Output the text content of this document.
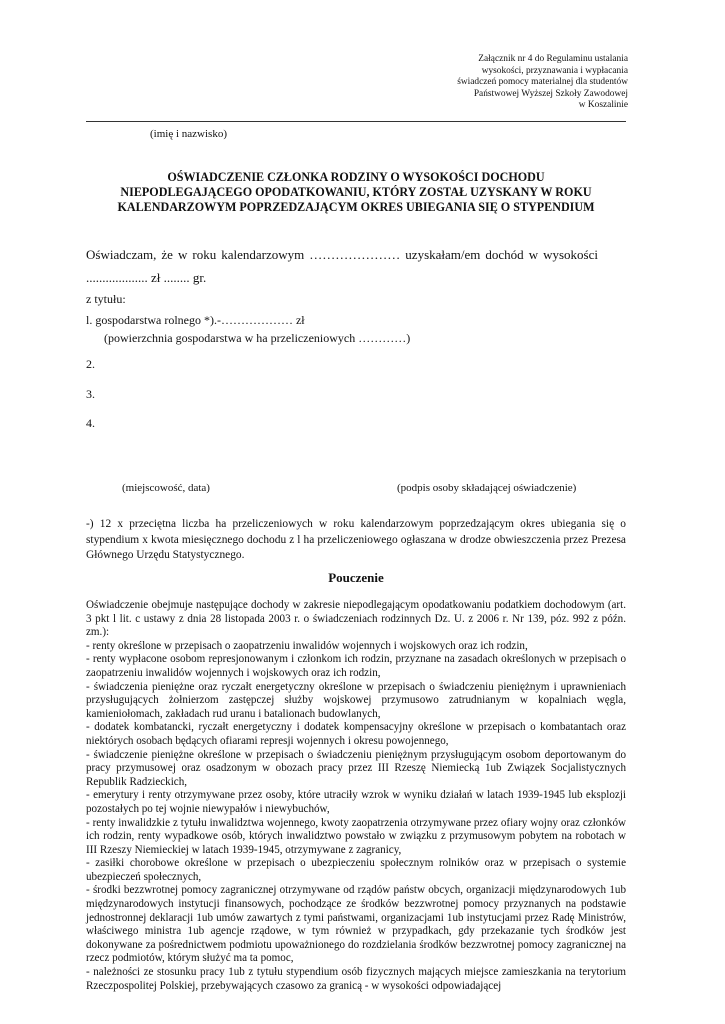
Załącznik nr 4 do Regulaminu ustalania
wysokości, przyznawania i wypłacania
świadczeń pomocy materialnej dla studentów
Państwowej Wyższej Szkoły Zawodowej
w Koszalinie
(imię i nazwisko)
OŚWIADCZENIE CZŁONKA RODZINY O WYSOKOŚCI DOCHODU
NIEPODLEGAJĄCEGO OPODATKOWANIU, KTÓRY ZOSTAŁ UZYSKANY W ROKU
KALENDARZOWYM POPRZEDZAJĄCYM OKRES UBIEGANIA SIĘ O STYPENDIUM
Oświadczam, że w roku kalendarzowym ………………… uzyskałam/em dochód w wysokości
................... zł ........ gr.
z tytułu:
l. gospodarstwa rolnego *).-……………… zł
(powierzchnia gospodarstwa w ha przeliczeniowych …………)
2.
3.
4.
(miejscowość, data)	(podpis osoby składającej oświadczenie)
-) 12 x przeciętna liczba ha przeliczeniowych w roku kalendarzowym poprzedzającym okres ubiegania się o stypendium x kwota miesięcznego dochodu z l ha przeliczeniowego ogłaszana w drodze obwieszczenia przez Prezesa Głównego Urzędu Statystycznego.
Pouczenie

Oświadczenie obejmuje następujące dochody w zakresie niepodlegającym opodatkowaniu podatkiem dochodowym (art. 3 pkt l lit. c ustawy z dnia 28 listopada 2003 r. o świadczeniach rodzinnych Dz. U. z 2006 r. Nr 139, póz. 992 z późn. zm.):

- renty określone w przepisach o zaopatrzeniu inwalidów wojennych i wojskowych oraz ich rodzin,

- renty wypłacone osobom represjonowanym i członkom ich rodzin, przyznane na zasadach określonych w przepisach o zaopatrzeniu inwalidów wojennych i wojskowych oraz ich rodzin,

- świadczenia pieniężne oraz ryczałt energetyczny określone w przepisach o świadczeniu pieniężnym i uprawnieniach przysługujących żołnierzom zastępczej służby wojskowej przymusowo zatrudnianym w kopalniach węgla, kamieniołomach, zakładach rud uranu i batalionach budowlanych,

- dodatek kombatancki, ryczałt energetyczny i dodatek kompensacyjny określone w przepisach o kombatantach oraz niektórych osobach będących ofiarami represji wojennych i okresu powojennego,

- świadczenie pieniężne określone w przepisach o świadczeniu pieniężnym przysługującym osobom deportowanym do pracy przymusowej oraz osadzonym w obozach pracy przez III Rzeszę Niemiecką 1ub Związek Socjalistycznych Republik Radzieckich,

- emerytury i renty otrzymywane przez osoby, które utraciły wzrok w wyniku działań w latach 1939-1945 lub eksplozji pozostałych po tej wojnie niewypałów i niewybuchów,

- renty inwalidzkie z tytułu inwalidztwa wojennego, kwoty zaopatrzenia otrzymywane przez ofiary wojny oraz członków ich rodzin, renty wypadkowe osób, których inwalidztwo powstało w związku z przymusowym pobytem na robotach w III Rzeszy Niemieckiej w latach 1939-1945, otrzymywane z zagranicy,

- zasiłki chorobowe określone w przepisach o ubezpieczeniu społecznym rolników oraz w przepisach o systemie ubezpieczeń społecznych,

- środki bezzwrotnej pomocy zagranicznej otrzymywane od rządów państw obcych, organizacji międzynarodowych 1ub międzynarodowych instytucji finansowych, pochodzące ze środków bezzwrotnej pomocy przyznanych na podstawie jednostronnej deklaracji 1ub umów zawartych z tymi państwami, organizacjami 1ub instytucjami przez Radę Ministrów, właściwego ministra 1ub agencje rządowe, w tym również w przypadkach, gdy przekazanie tych środków jest dokonywane za pośrednictwem podmiotu upoważnionego do rozdzielania środków bezzwrotnej pomocy zagranicznej na rzecz podmiotów, którym służyć ma ta pomoc,

- należności ze stosunku pracy 1ub z tytułu stypendium osób fizycznych mających miejsce zamieszkania na terytorium Rzeczpospolitej Polskiej, przebywających czasowo za granicą - w wysokości odpowiadającej
